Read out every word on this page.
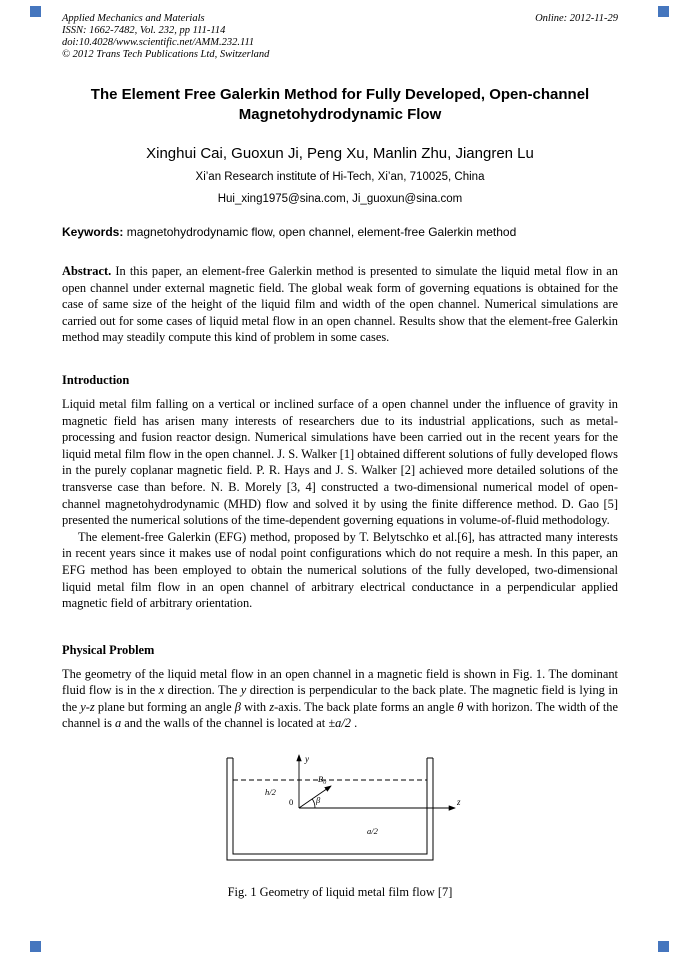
Applied Mechanics and Materials	Online: 2012-11-29
ISSN: 1662-7482, Vol. 232, pp 111-114
doi:10.4028/www.scientific.net/AMM.232.111
© 2012 Trans Tech Publications Ltd, Switzerland
The Element Free Galerkin Method for Fully Developed, Open-channel Magnetohydrodynamic Flow
Xinghui Cai, Guoxun Ji, Peng Xu, Manlin Zhu, Jiangren Lu
Xi’an Research institute of Hi-Tech, Xi’an, 710025, China
Hui_xing1975@sina.com, Ji_guoxun@sina.com

Keywords: magnetohydrodynamic flow, open channel, element-free Galerkin method

Abstract. In this paper, an element-free Galerkin method is presented to simulate the liquid metal flow in an open channel under external magnetic field. The global weak form of governing equations is obtained for the case of same size of the height of the liquid film and width of the open channel. Numerical simulations are carried out for some cases of liquid metal flow in an open channel. Results show that the element-free Galerkin method may steadily compute this kind of problem in some cases.

Introduction

Liquid metal film falling on a vertical or inclined surface of a open channel under the influence of gravity in magnetic field has arisen many interests of researchers due to its industrial applications, such as metal-processing and fusion reactor design. Numerical simulations have been carried out in the recent years for the liquid metal film flow in the open channel. J. S. Walker [1] obtained different solutions of fully developed flows in the purely coplanar magnetic field. P. R. Hays and J. S. Walker [2] achieved more detailed solutions of the transverse case than before. N. B. Morely [3, 4] constructed a two-dimensional numerical model of open-channel magnetohydrodynamic (MHD) flow and solved it by using the finite difference method. D. Gao [5] presented the numerical solutions of the time-dependent governing equations in volume-of-fluid methodology.

The element-free Galerkin (EFG) method, proposed by T. Belytschko et al.[6], has attracted many interests in recent years since it makes use of nodal point configurations which do not require a mesh. In this paper, an EFG method has been employed to obtain the numerical solutions of the fully developed, two-dimensional liquid metal film flow in an open channel of arbitrary electrical conductance in a perpendicular applied magnetic field of arbitrary orientation.

Physical Problem

The geometry of the liquid metal flow in an open channel in a magnetic field is shown in Fig. 1. The dominant fluid flow is in the x direction. The y direction is perpendicular to the back plate. The magnetic field is lying in the y-z plane but forming an angle β with z-axis. The back plate forms an angle θ with horizon. The width of the channel is a and the walls of the channel is located at ±a/2 .

y
z
h/2
0
$B_0$
β
a/2
Fig. 1 Geometry of liquid metal film flow [7]
